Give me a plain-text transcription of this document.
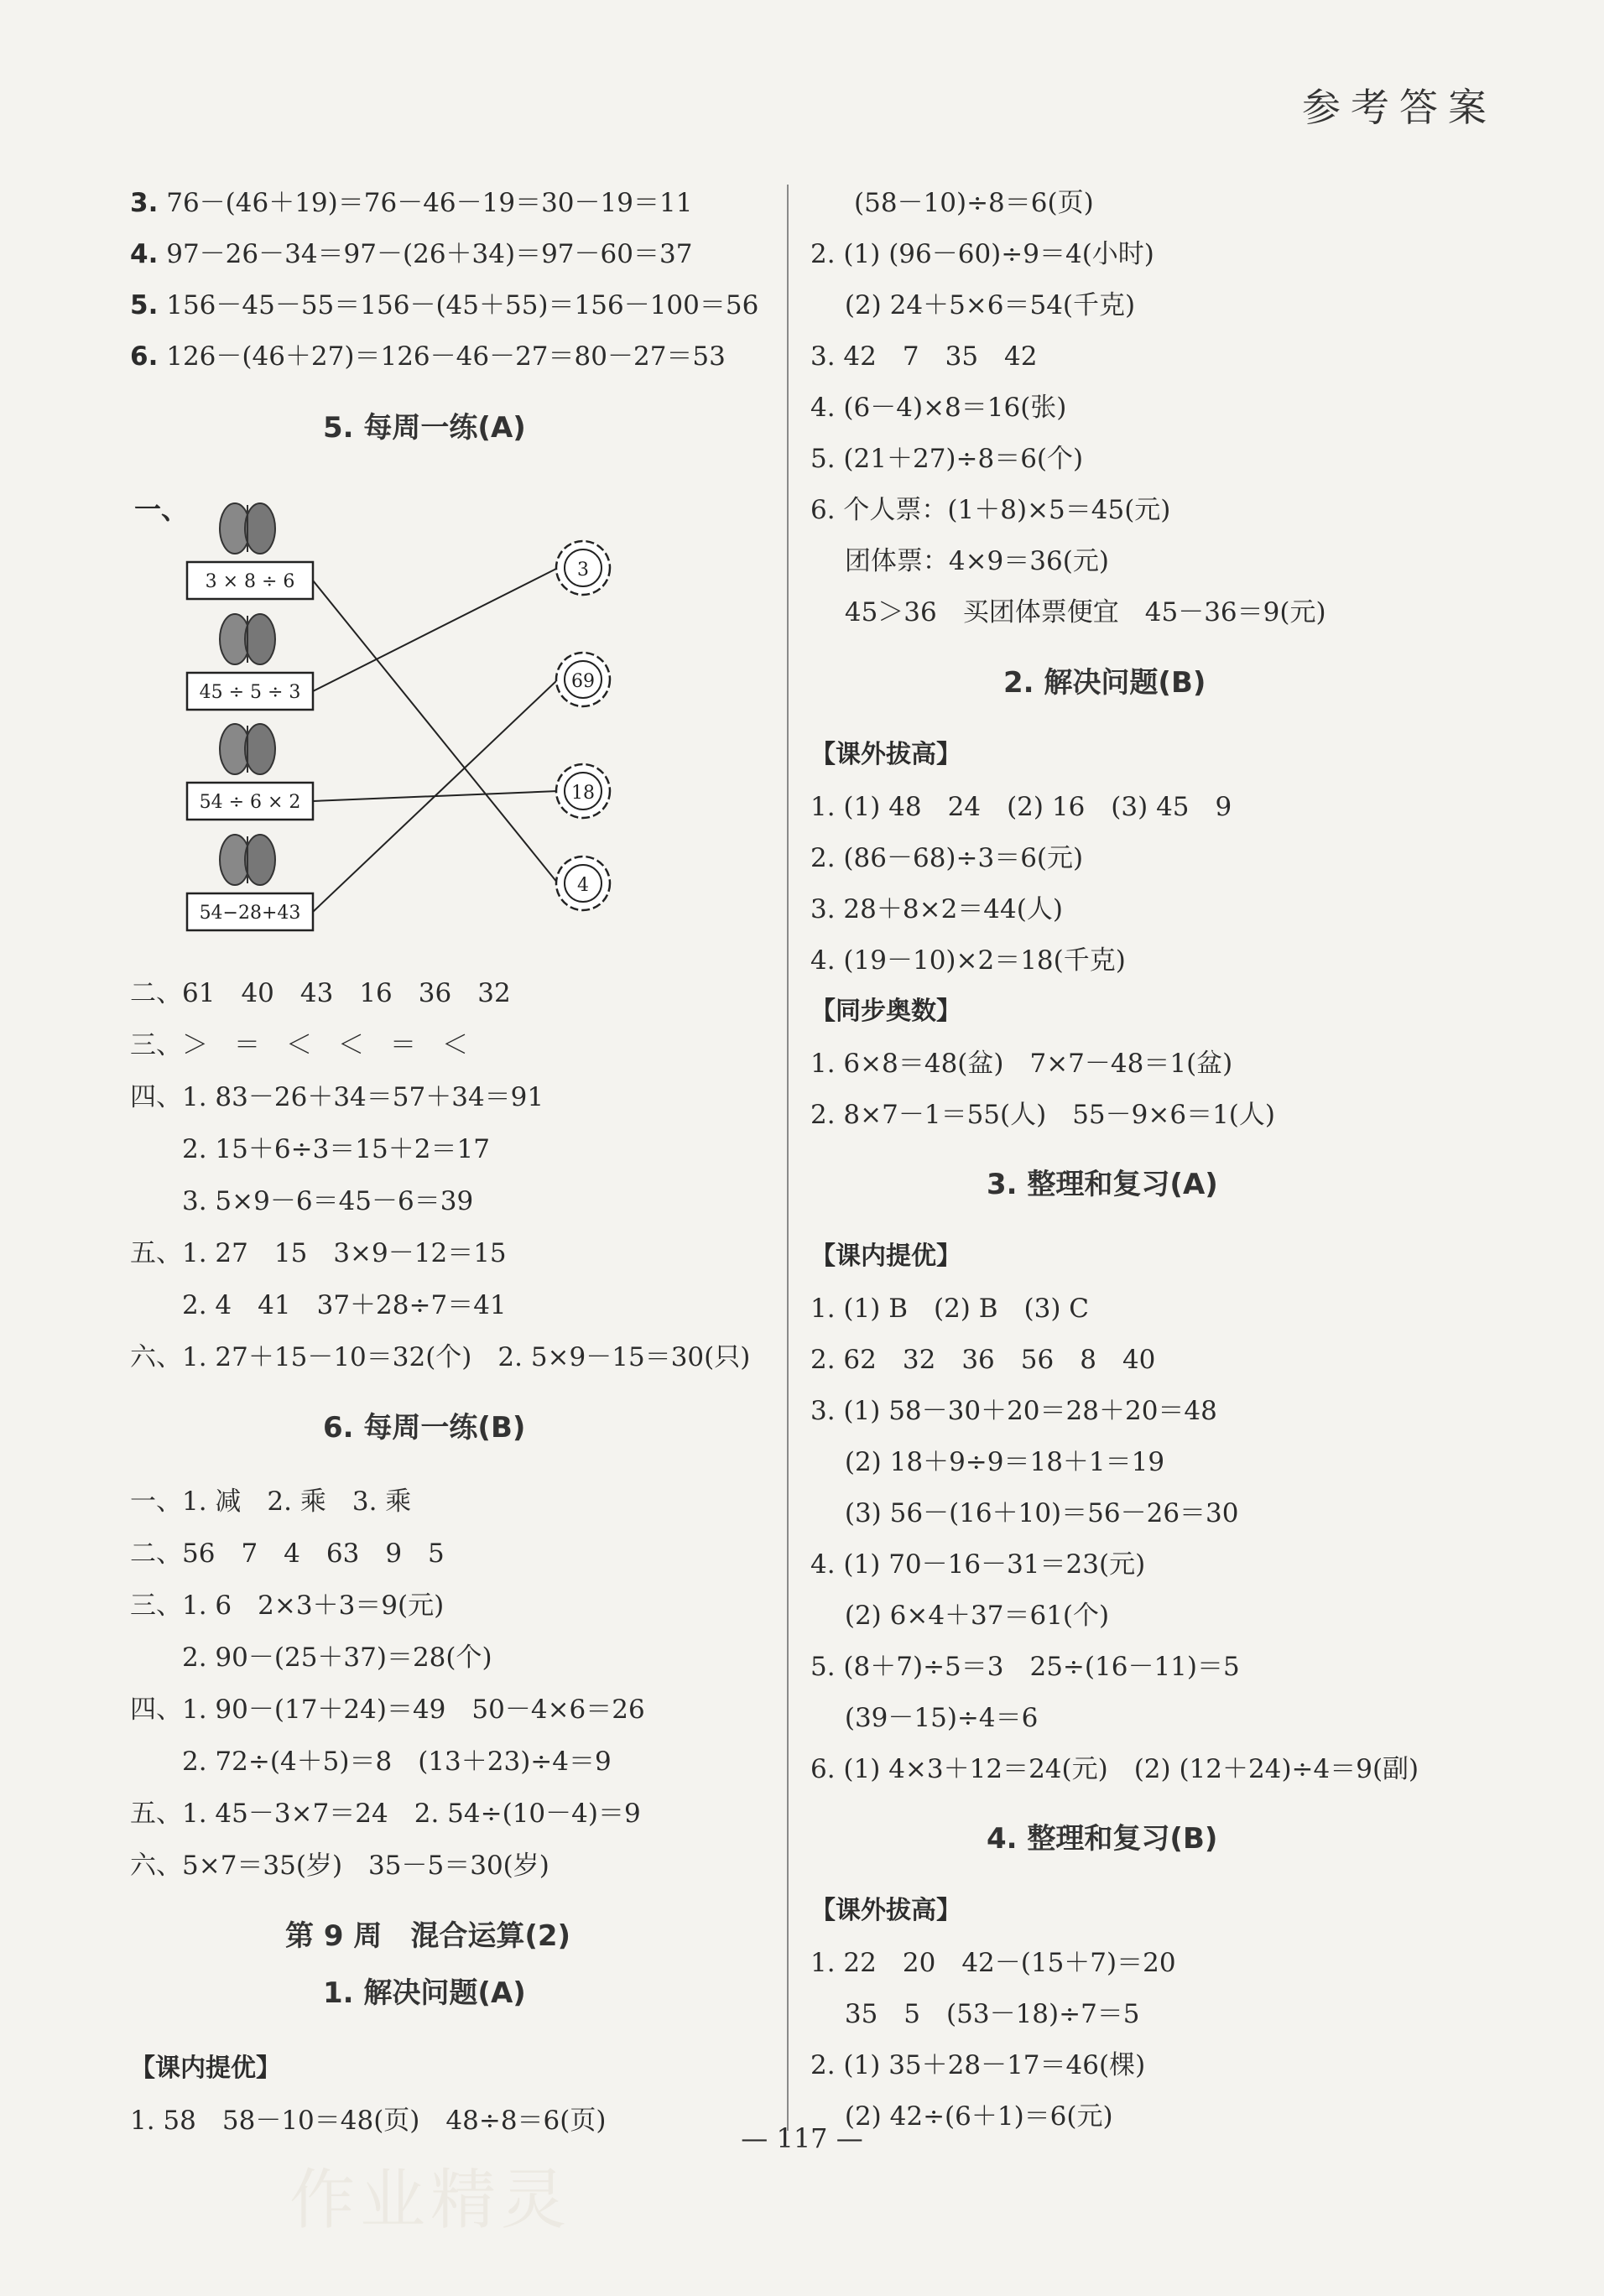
参考答案
3. 76－(46＋19)＝76－46－19＝30－19＝11
4. 97－26－34＝97－(26＋34)＝97－60＝37
5. 156－45－55＝156－(45＋55)＝156－100＝56
6. 126－(46＋27)＝126－46－27＝80－27＝53
5. 每周一练(A)
一、
3 × 8 ÷ 6
45 ÷ 5 ÷ 3
54 ÷ 6 × 2
54−28+43
3
69
18
4
二、61　40　43　16　36　32
三、＞　＝　＜　＜　＝　＜
四、1. 83－26＋34＝57＋34＝91
　　2. 15＋6÷3＝15＋2＝17
　　3. 5×9－6＝45－6＝39
五、1. 27　15　3×9－12＝15
　　2. 4　41　37＋28÷7＝41
六、1. 27＋15－10＝32(个)　2. 5×9－15＝30(只)
6. 每周一练(B)
一、1. 减　2. 乘　3. 乘
二、56　7　4　63　9　5
三、1. 6　2×3＋3＝9(元)
　　2. 90－(25＋37)＝28(个)
四、1. 90－(17＋24)＝49　50－4×6＝26
　　2. 72÷(4＋5)＝8　(13＋23)÷4＝9
五、1. 45－3×7＝24　2. 54÷(10－4)＝9
六、5×7＝35(岁)　35－5＝30(岁)
第 9 周　混合运算(2)
1. 解决问题(A)
【课内提优】
1. 58　58－10＝48(页)　48÷8＝6(页)
(58－10)÷8＝6(页)
2. (1) (96－60)÷9＝4(小时)
　 (2) 24＋5×6＝54(千克)
3. 42　7　35　42
4. (6－4)×8＝16(张)
5. (21＋27)÷8＝6(个)
6. 个人票：(1＋8)×5＝45(元)
　 团体票：4×9＝36(元)
　 45＞36　买团体票便宜　45－36＝9(元)
2. 解决问题(B)
【课外拔高】
1. (1) 48　24　(2) 16　(3) 45　9
2. (86－68)÷3＝6(元)
3. 28＋8×2＝44(人)
4. (19－10)×2＝18(千克)
【同步奥数】
1. 6×8＝48(盆)　7×7－48＝1(盆)
2. 8×7－1＝55(人)　55－9×6＝1(人)
3. 整理和复习(A)
【课内提优】
1. (1) B　(2) B　(3) C
2. 62　32　36　56　8　40
3. (1) 58－30＋20＝28＋20＝48
　 (2) 18＋9÷9＝18＋1＝19
　 (3) 56－(16＋10)＝56－26＝30
4. (1) 70－16－31＝23(元)
　 (2) 6×4＋37＝61(个)
5. (8＋7)÷5＝3　25÷(16－11)＝5
　 (39－15)÷4＝6
6. (1) 4×3＋12＝24(元)　(2) (12＋24)÷4＝9(副)
4. 整理和复习(B)
【课外拔高】
1. 22　20　42－(15＋7)＝20
　 35　5　(53－18)÷7＝5
2. (1) 35＋28－17＝46(棵)
　 (2) 42÷(6＋1)＝6(元)
作业精灵
— 117 —
